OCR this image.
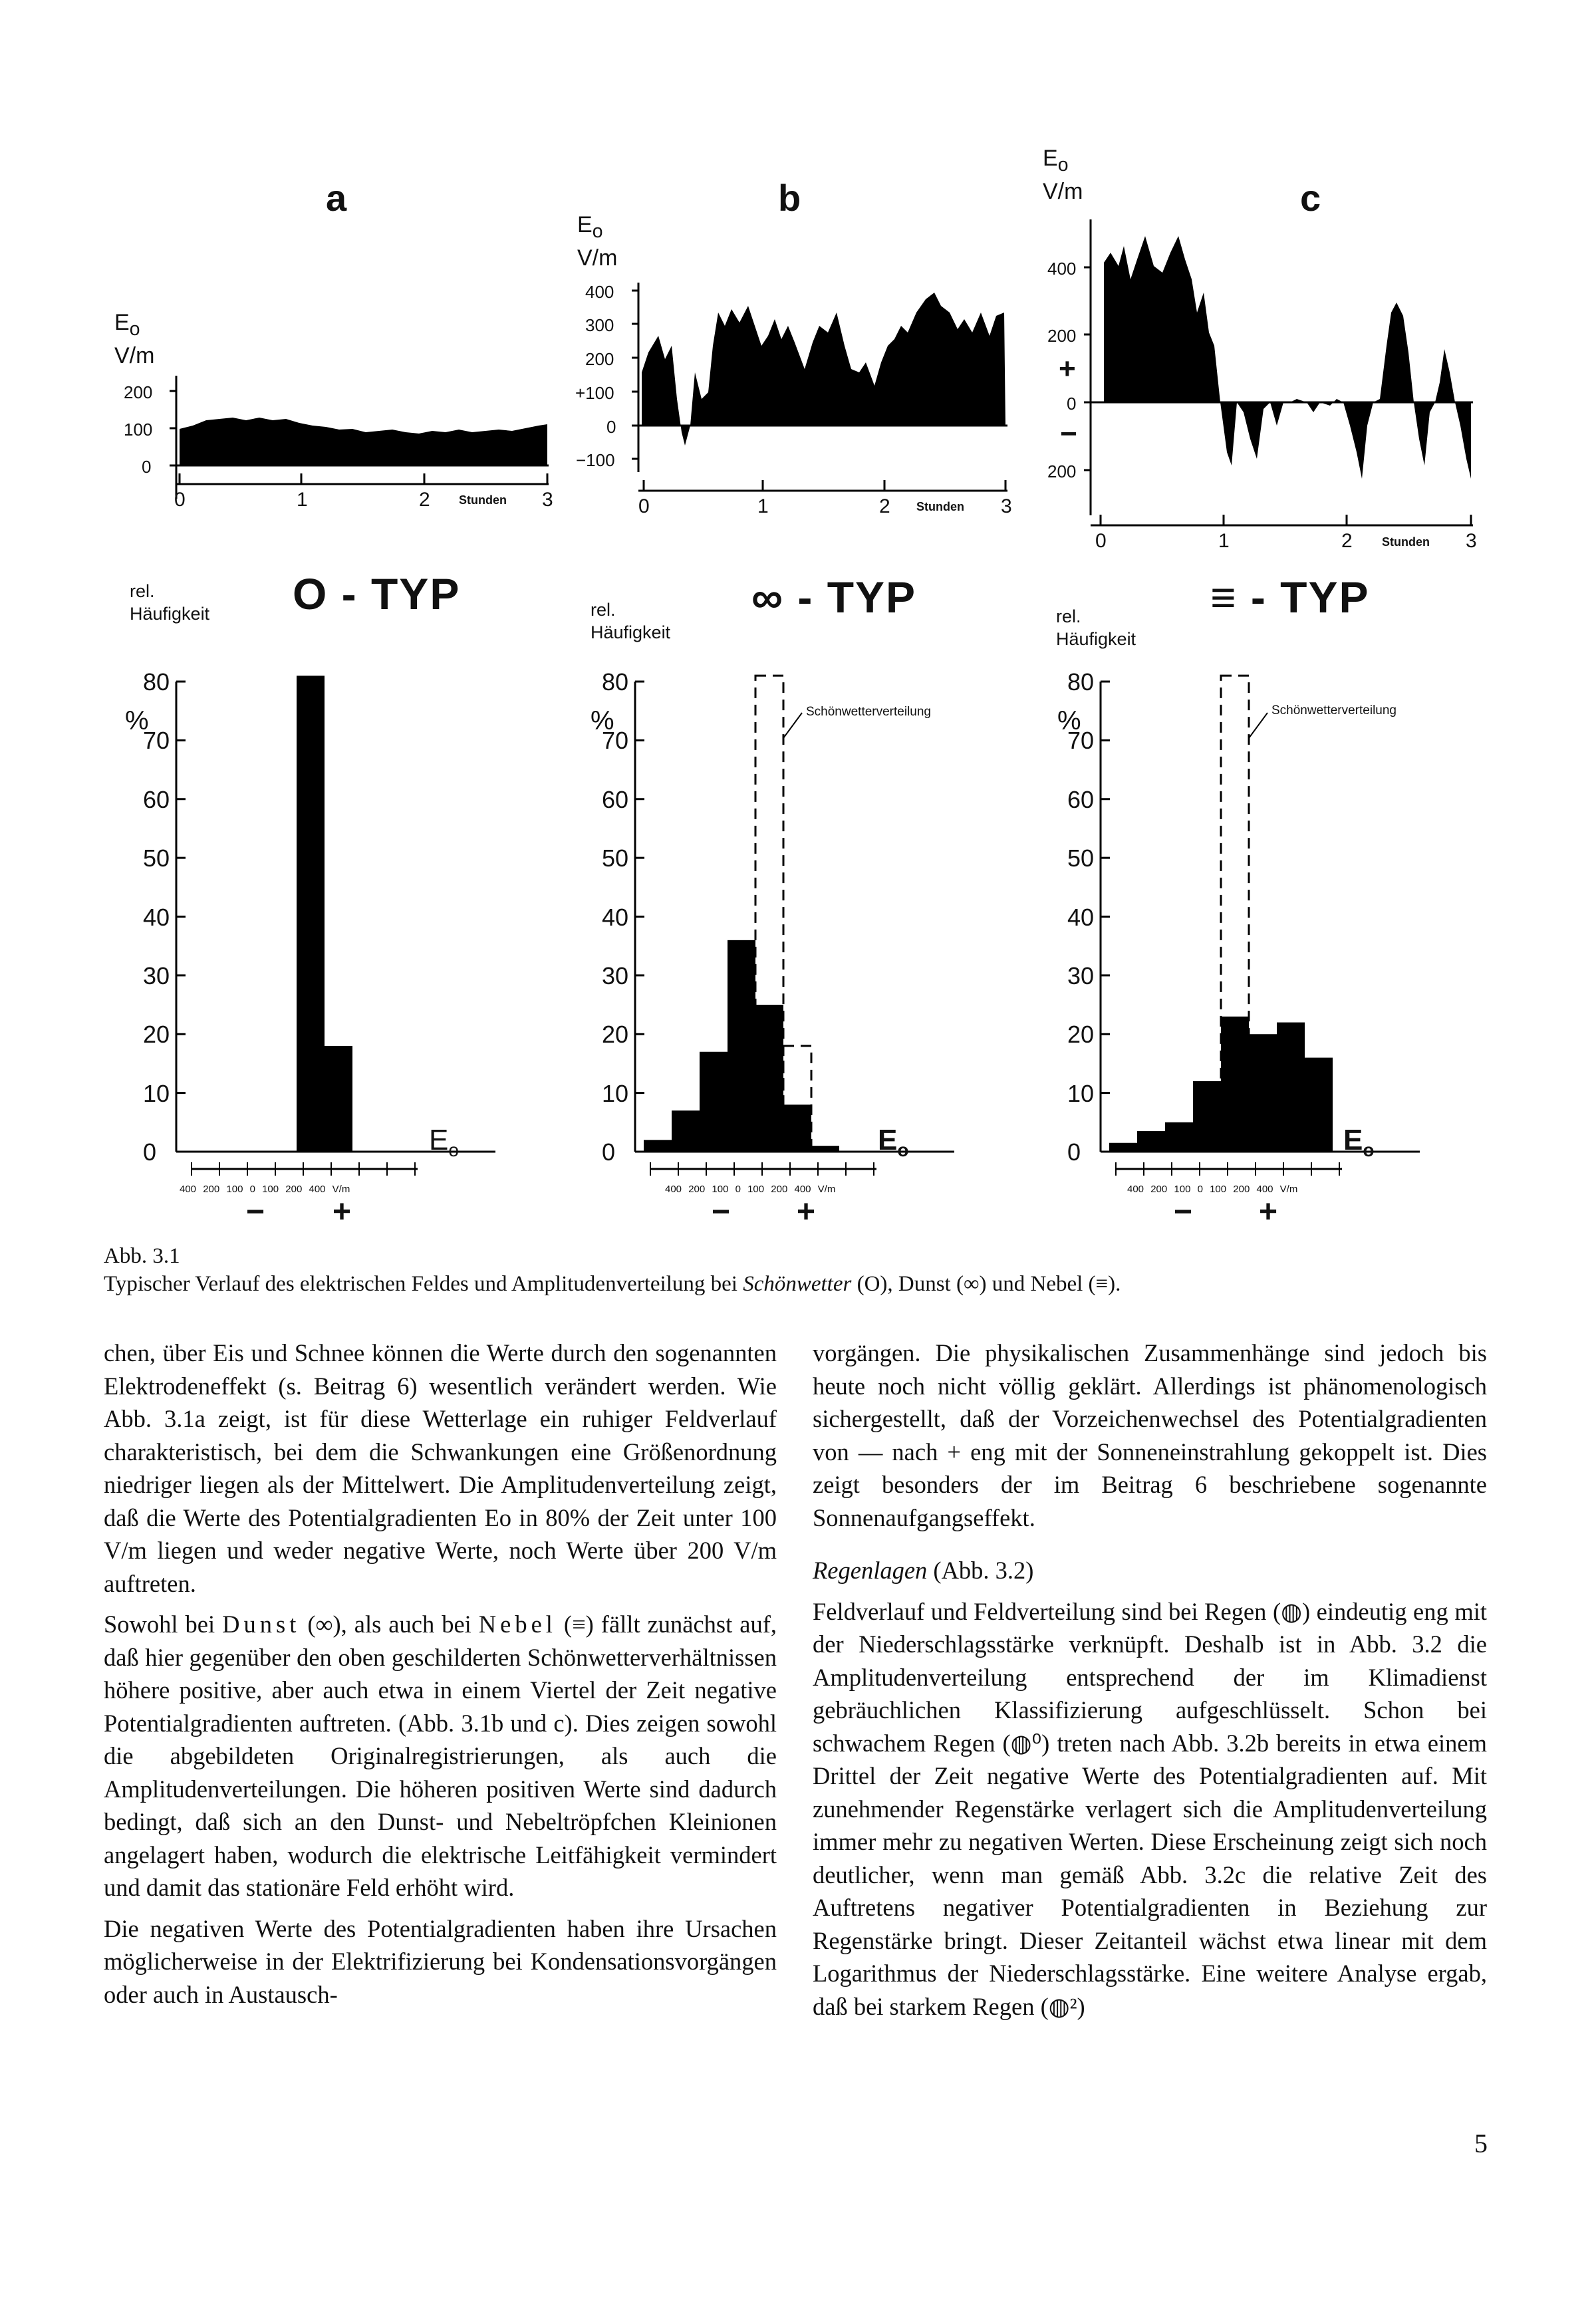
a	b	c
$E_o$
V/m
$E_o$
V/m
$E_o$
V/m
200
100
0
400
300
200
+100
0
−100
400
200
+
0
−
200
0	1	2 Stunden 3	0	1	2 Stunden 3
0	1	2 Stunden 3
O - TYP	∞ - TYP	≡ - TYP
rel.
Häufigkeit	rel.
Häufigkeit
rel.
Häufigkeit
80
70
60
50
40
30
20
10
0
80
70
60
50
40
30
20
10
0
80
70
60
50
40
30
20
10
0
%	%	%
$E_o$	$E_o$	$E_o$
400 200 100 0 100 200 400 V/m	400 200 100 0 100 200 400 V/m	400 200 100 0 100 200 400 V/m
− +	− +	− +
Schönwetterverteilung	Schönwetterverteilung
Abb. 3.1
Typischer Verlauf des elektrischen Feldes und Amplitudenverteilung bei Schönwetter (O), Dunst (∞) und Nebel (≡).

chen, über Eis und Schnee können die Werte durch den sogenannten Elektrodeneffekt (s. Beitrag 6) wesentlich verändert werden. Wie Abb. 3.1a zeigt, ist für diese Wetterlage ein ruhiger Feldverlauf charakteristisch, bei dem die Schwankungen eine Größenordnung niedriger liegen als der Mittelwert. Die Amplitudenverteilung zeigt, daß die Werte des Potentialgradienten Eo in 80% der Zeit unter 100 V/m liegen und weder negative Werte, noch Werte über 200 V/m auftreten.

Sowohl bei Dunst (∞), als auch bei Nebel (≡) fällt zunächst auf, daß hier gegenüber den oben geschilderten Schönwetterverhältnissen höhere positive, aber auch etwa in einem Viertel der Zeit negative Potentialgradienten auftreten. (Abb. 3.1b und c). Dies zeigen sowohl die abgebildeten Originalregistrierungen, als auch die Amplitudenverteilungen. Die höheren positiven Werte sind dadurch bedingt, daß sich an den Dunst- und Nebeltröpfchen Kleinionen angelagert haben, wodurch die elektrische Leitfähigkeit vermindert und damit das stationäre Feld erhöht wird.

Die negativen Werte des Potentialgradienten haben ihre Ursachen möglicherweise in der Elektrifizierung bei Kondensationsvorgängen oder auch in Austausch-

vorgängen. Die physikalischen Zusammenhänge sind jedoch bis heute noch nicht völlig geklärt. Allerdings ist phänomenologisch sichergestellt, daß der Vorzeichenwechsel des Potentialgradienten von — nach + eng mit der Sonneneinstrahlung gekoppelt ist. Dies zeigt besonders der im Beitrag 6 beschriebene sogenannte Sonnenaufgangseffekt.

Regenlagen (Abb. 3.2)

Feldverlauf und Feldverteilung sind bei Regen (◍) eindeutig eng mit der Niederschlagsstärke verknüpft. Deshalb ist in Abb. 3.2 die Amplitudenverteilung entsprechend der im Klimadienst gebräuchlichen Klassifizierung aufgeschlüsselt. Schon bei schwachem Regen (◍⁰) treten nach Abb. 3.2b bereits in etwa einem Drittel der Zeit negative Werte des Potentialgradienten auf. Mit zunehmender Regenstärke verlagert sich die Amplitudenverteilung immer mehr zu negativen Werten. Diese Erscheinung zeigt sich noch deutlicher, wenn man gemäß Abb. 3.2c die relative Zeit des Auftretens negativer Potentialgradienten in Beziehung zur Regenstärke bringt. Dieser Zeitanteil wächst etwa linear mit dem Logarithmus der Niederschlagsstärke. Eine weitere Analyse ergab, daß bei starkem Regen (◍²)

5
